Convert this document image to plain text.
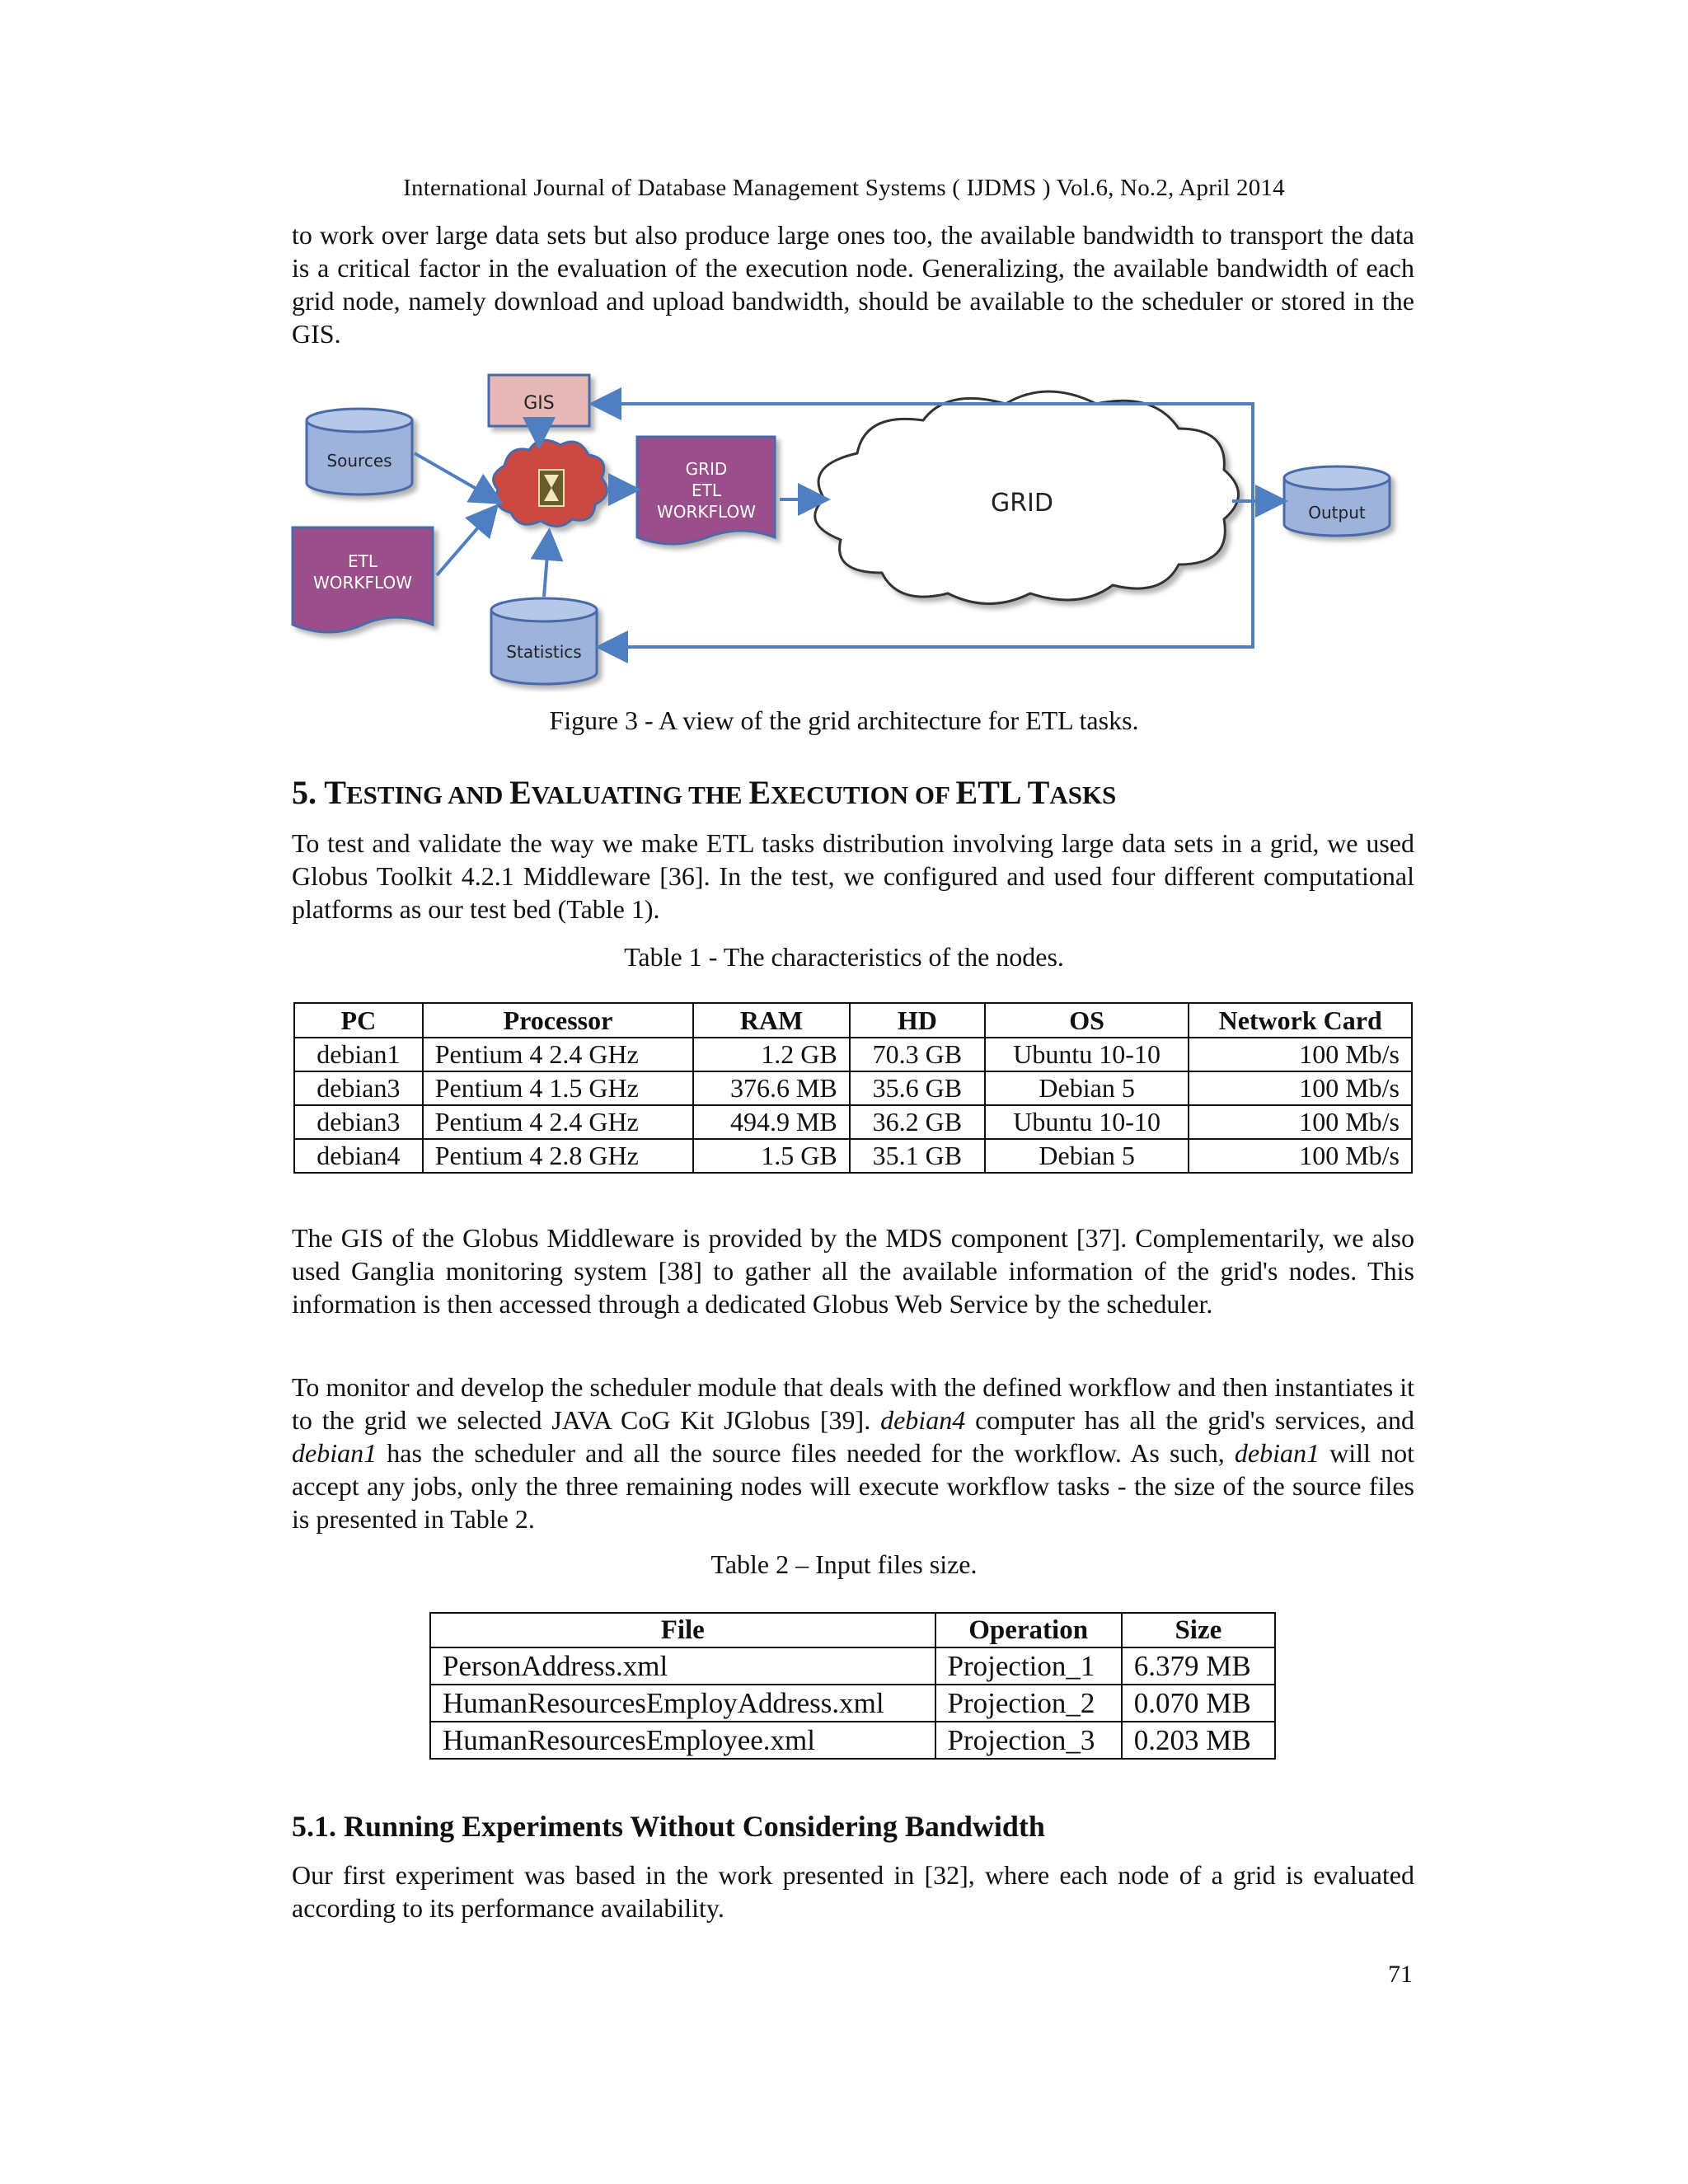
International Journal of Database Management Systems ( IJDMS ) Vol.6, No.2, April 2014

to work over large data sets but also produce large ones too, the available bandwidth to transport the data is a critical factor in the evaluation of the execution node. Generalizing, the available bandwidth of each grid node, namely download and upload bandwidth, should be available to the scheduler or stored in the GIS.

GIS
Sources
ETL
WORKFLOW
GRID
ETL
WORKFLOW	GRID	Output
Statistics
Figure 3 - A view of the grid architecture for ETL tasks.
5. TESTING AND EVALUATING THE EXECUTION OF ETL TASKS

To test and validate the way we make ETL tasks distribution involving large data sets in a grid, we used Globus Toolkit 4.2.1 Middleware [36]. In the test, we configured and used four different computational platforms as our test bed (Table 1).

Table 1 - The characteristics of the nodes.
PC	Processor	RAM	HD	OS	Network Card
debian1	Pentium 4 2.4 GHz	1.2 GB	70.3 GB	Ubuntu 10-10	100 Mb/s
debian3	Pentium 4 1.5 GHz	376.6 MB	35.6 GB	Debian 5	100 Mb/s
debian3	Pentium 4 2.4 GHz	494.9 MB	36.2 GB	Ubuntu 10-10	100 Mb/s
debian4	Pentium 4 2.8 GHz	1.5 GB	35.1 GB	Debian 5	100 Mb/s

The GIS of the Globus Middleware is provided by the MDS component [37]. Complementarily, we also used Ganglia monitoring system [38] to gather all the available information of the grid's nodes. This information is then accessed through a dedicated Globus Web Service by the scheduler.

To monitor and develop the scheduler module that deals with the defined workflow and then instantiates it to the grid we selected JAVA CoG Kit JGlobus [39]. debian4 computer has all the grid's services, and debian1 has the scheduler and all the source files needed for the workflow. As such, debian1 will not accept any jobs, only the three remaining nodes will execute workflow tasks - the size of the source files is presented in Table 2.

Table 2 – Input files size.
File	Operation	Size
PersonAddress.xml	Projection_1	6.379 MB
HumanResourcesEmployAddress.xml	Projection_2	0.070 MB
HumanResourcesEmployee.xml	Projection_3	0.203 MB
5.1. Running Experiments Without Considering Bandwidth

Our first experiment was based in the work presented in [32], where each node of a grid is evaluated according to its performance availability.

71
